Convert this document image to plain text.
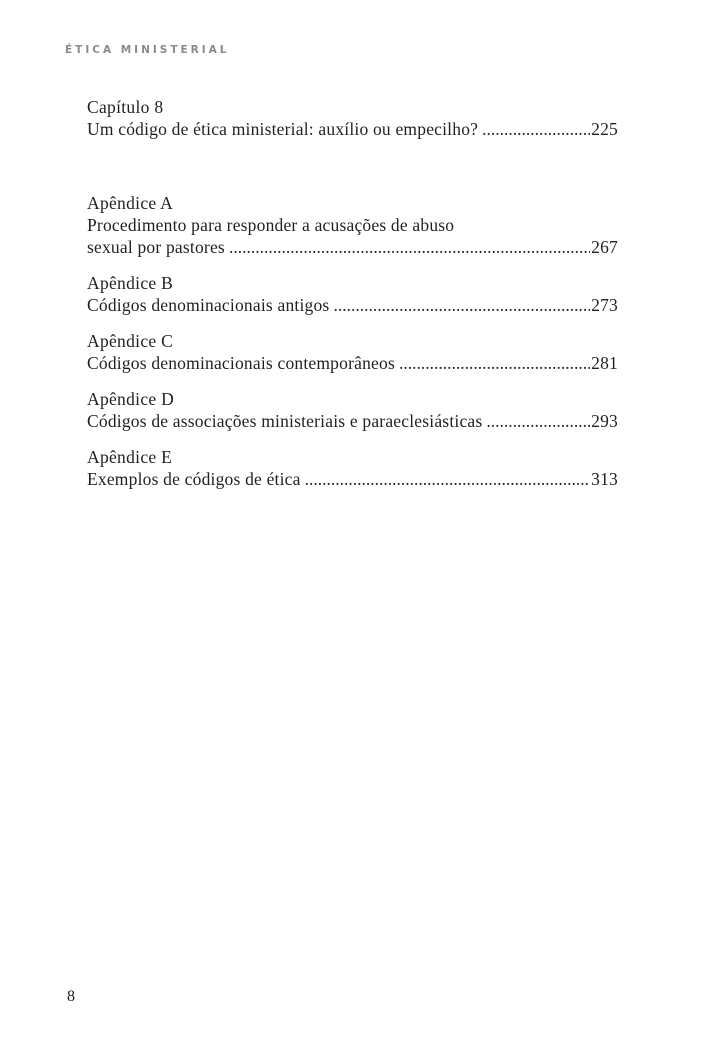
ÉTICA MINISTERIAL
Capítulo 8
Um código de ética ministerial: auxílio ou empecilho? .....	225
Apêndice A
Procedimento para responder a acusações de abuso
sexual por pastores .....	267
Apêndice B
Códigos denominacionais antigos .....	273
Apêndice C
Códigos denominacionais contemporâneos .....	281
Apêndice D
Códigos de associações ministeriais e paraeclesiásticas .....	293
Apêndice E
Exemplos de códigos de ética .....	313
8
